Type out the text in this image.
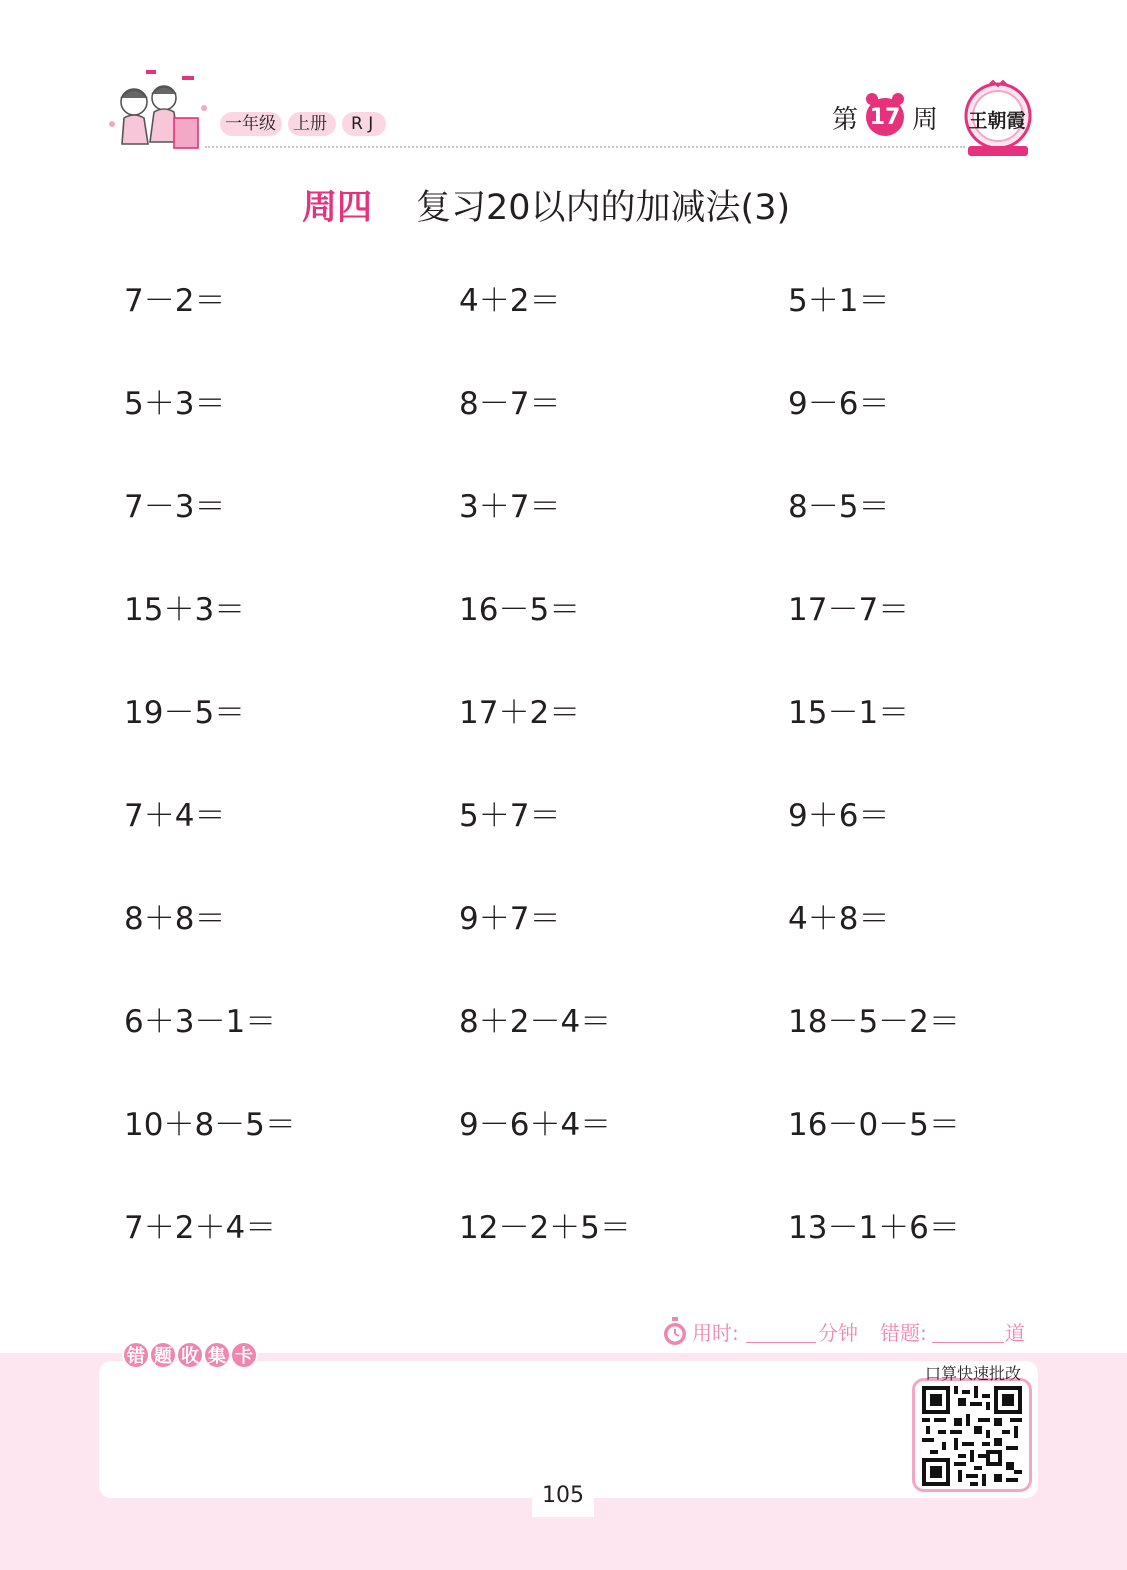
一年级 上册 R J	第 17 周	王朝霞
周四 复习20以内的加减法(3)
7－2＝	4＋2＝	5＋1＝
5＋3＝	8－7＝	9－6＝
7－3＝	3＋7＝	8－5＝
15＋3＝	16－5＝	17－7＝
19－5＝	17＋2＝	15－1＝
7＋4＝	5＋7＝	9＋6＝
8＋8＝	9＋7＝	4＋8＝
6＋3－1＝	8＋2－4＝	18－5－2＝
10＋8－5＝	9－6＋4＝	16－0－5＝
7＋2＋4＝	12－2＋5＝	13－1＋6＝
用时:	分钟 错题:	道
错 题 收 集 卡
口算快速批改
105
